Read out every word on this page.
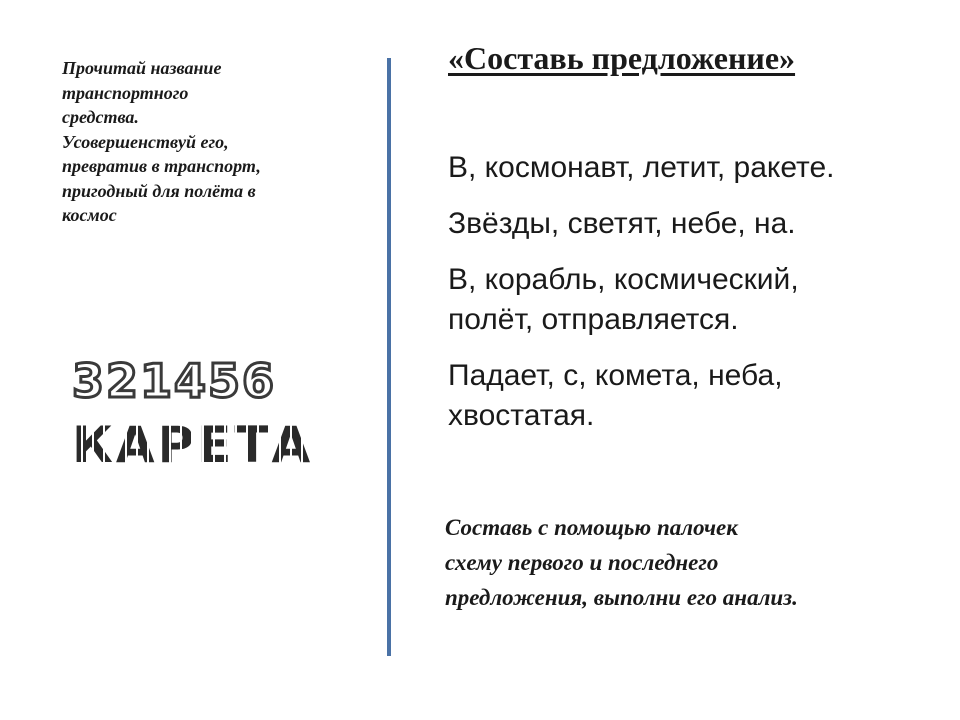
Прочитай название
транспортного
средства.
Усовершенствуй его,
превратив в транспорт,
пригодный для полёта в
космос
321456
КАРЕТА
«Составь предложение»
В, космонавт, летит, ракете.
Звёзды, светят, небе, на.
В, корабль, космический,
полёт, отправляется.
Падает, с, комета, неба,
хвостатая.
Составь с помощью палочек
схему первого и последнего
предложения, выполни его анализ.
